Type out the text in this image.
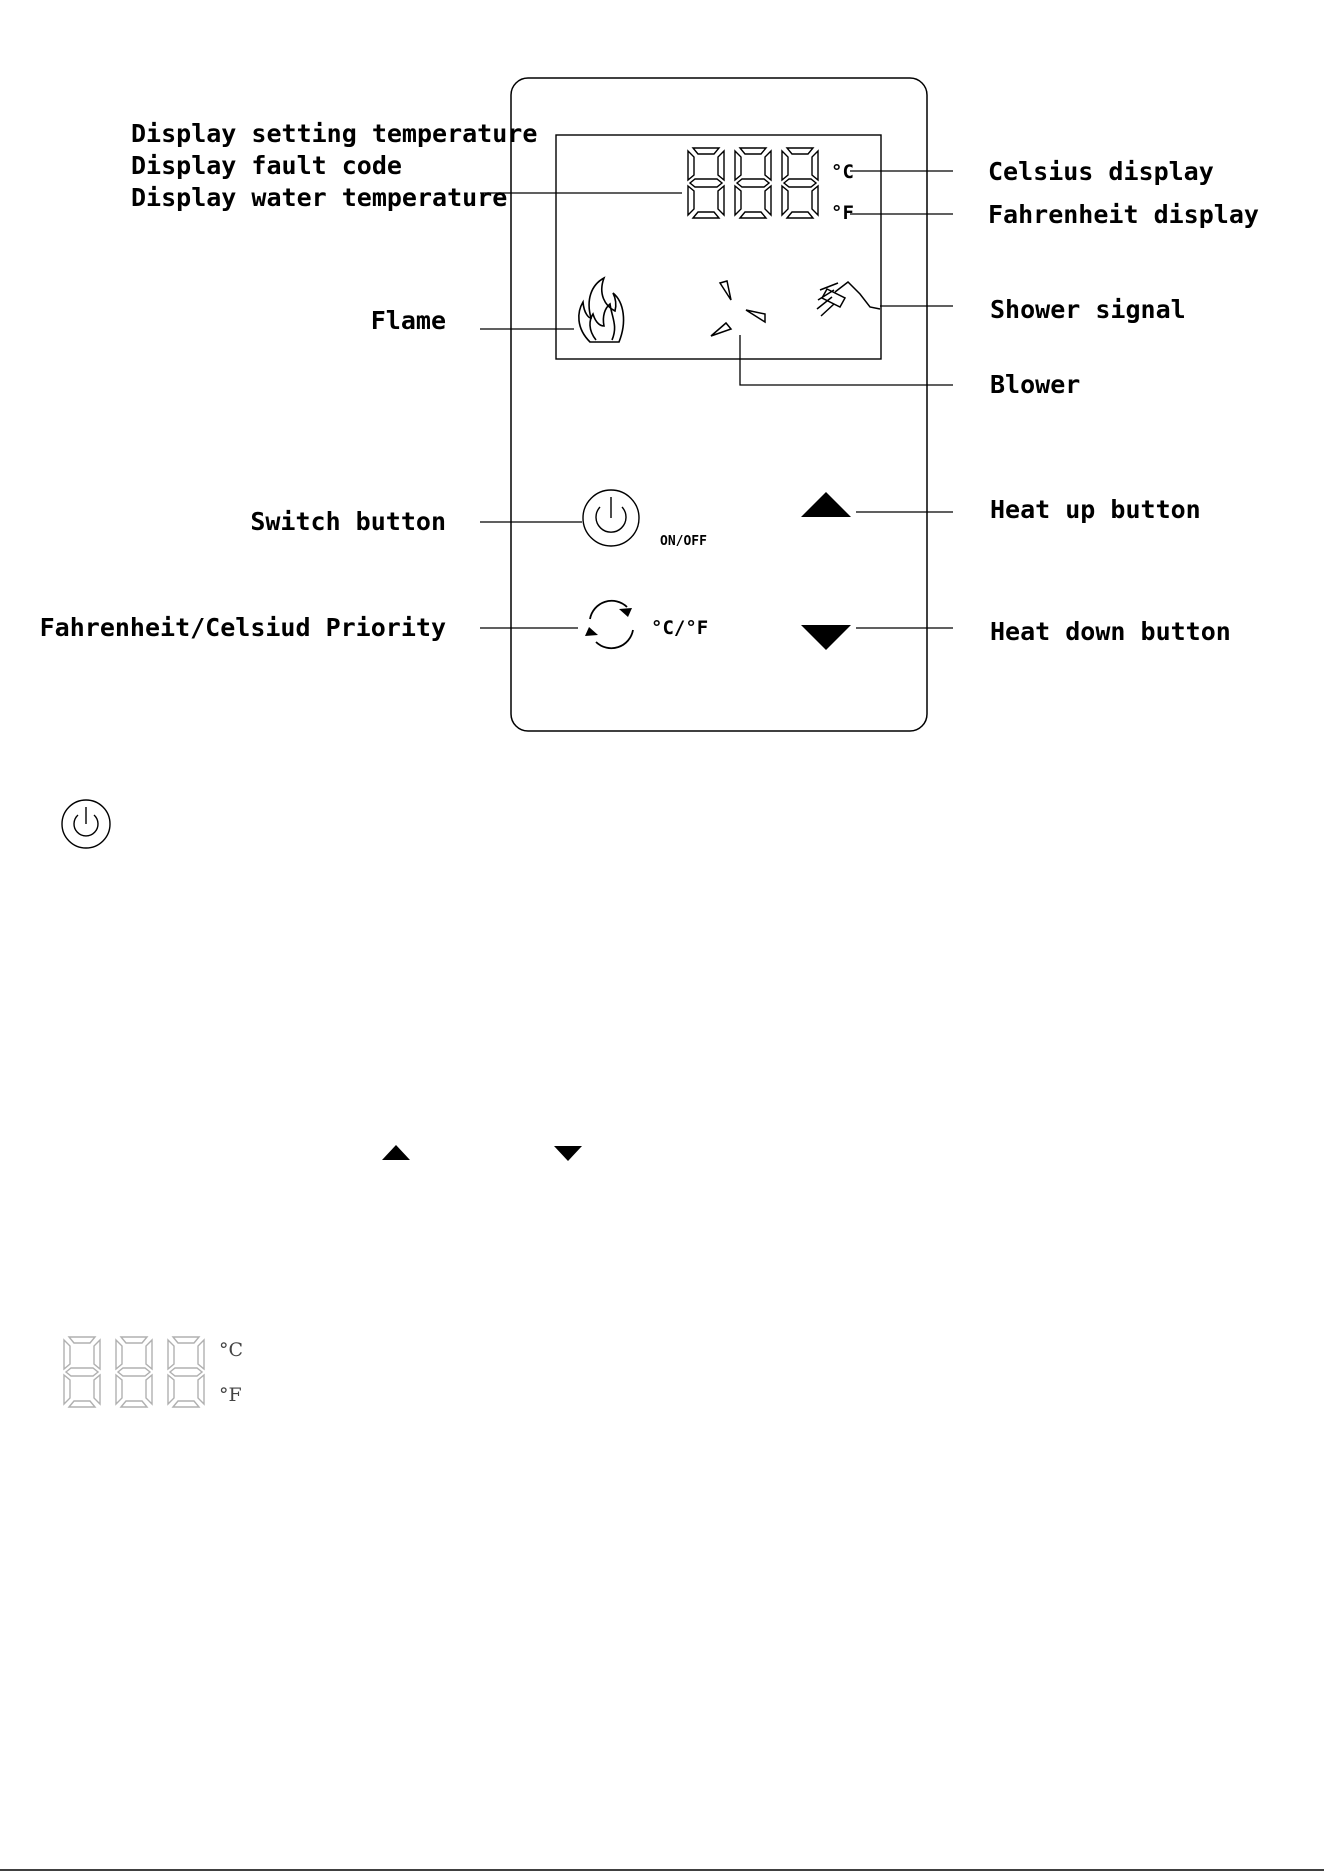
°C
°F
ON/OFF
°C/°F
Display setting temperature
Display fault code
Display water temperature
Flame
Switch button
Fahrenheit/Celsiud Priority
Celsius display
Fahrenheit display
Shower signal
Blower
Heat up button
Heat down button
°C
°F
